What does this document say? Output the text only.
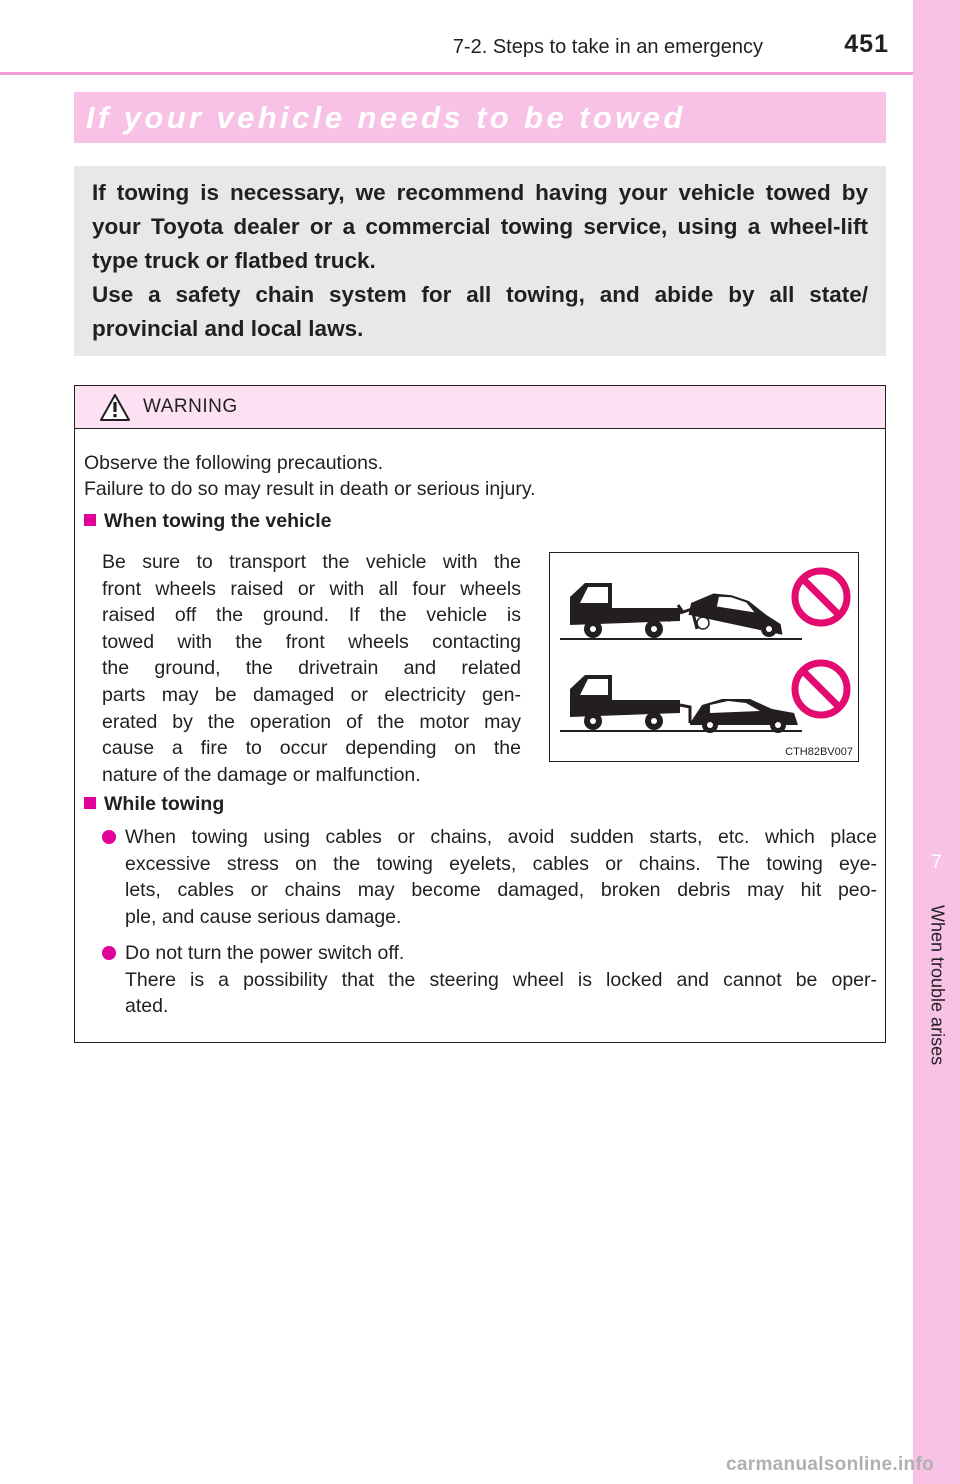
7
When trouble arises
7-2. Steps to take in an emergency	451
If your vehicle needs to be towed

If towing is necessary, we recommend having your vehicle towed by your Toyota dealer or a commercial towing service, using a wheel-lift type truck or flatbed truck.

Use a safety chain system for all towing, and abide by all state/ provincial and local laws.

WARNING
Observe the following precautions.
Failure to do so may result in death or serious injury.
When towing the vehicle
Be sure to transport the vehicle with the
front wheels raised or with all four wheels
raised off the ground. If the vehicle is
towed with the front wheels contacting
the ground, the drivetrain and related
parts may be damaged or electricity gen-
erated by the operation of the motor may
cause a fire to occur depending on the
nature of the damage or malfunction.
CTH82BV007
While towing
When towing using cables or chains, avoid sudden starts, etc. which place
excessive stress on the towing eyelets, cables or chains. The towing eye-
lets, cables or chains may become damaged, broken debris may hit peo-
ple, and cause serious damage.
Do not turn the power switch off.
There is a possibility that the steering wheel is locked and cannot be oper-
ated.
carmanualsonline.info
